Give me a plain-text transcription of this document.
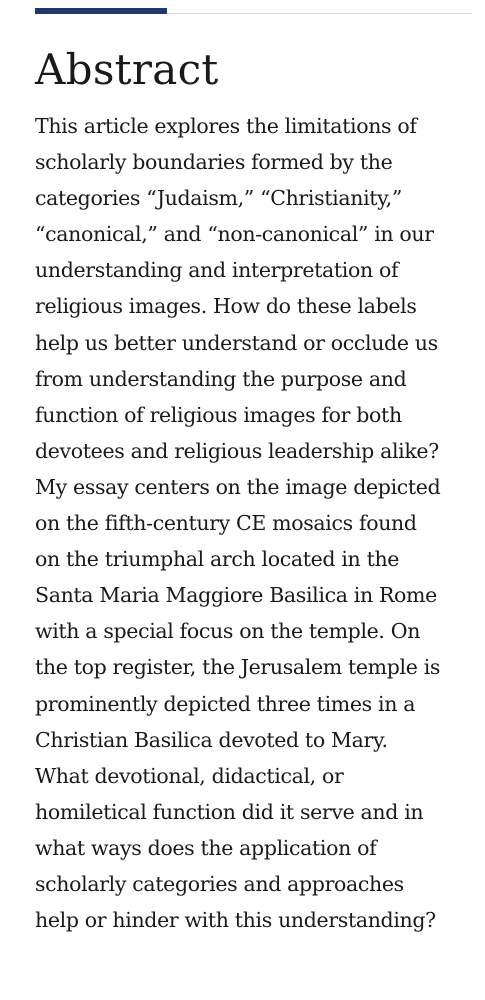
Abstract

This article explores the limitations of
scholarly boundaries formed by the
categories “Judaism,” “Christianity,”
“canonical,” and “non-canonical” in our
understanding and interpretation of
religious images. How do these labels
help us better understand or occlude us
from understanding the purpose and
function of religious images for both
devotees and religious leadership alike?
My essay centers on the image depicted
on the fifth-century CE mosaics found
on the triumphal arch located in the
Santa Maria Maggiore Basilica in Rome
with a special focus on the temple. On
the top register, the Jerusalem temple is
prominently depicted three times in a
Christian Basilica devoted to Mary.
What devotional, didactical, or
homiletical function did it serve and in
what ways does the application of
scholarly categories and approaches
help or hinder with this understanding?
